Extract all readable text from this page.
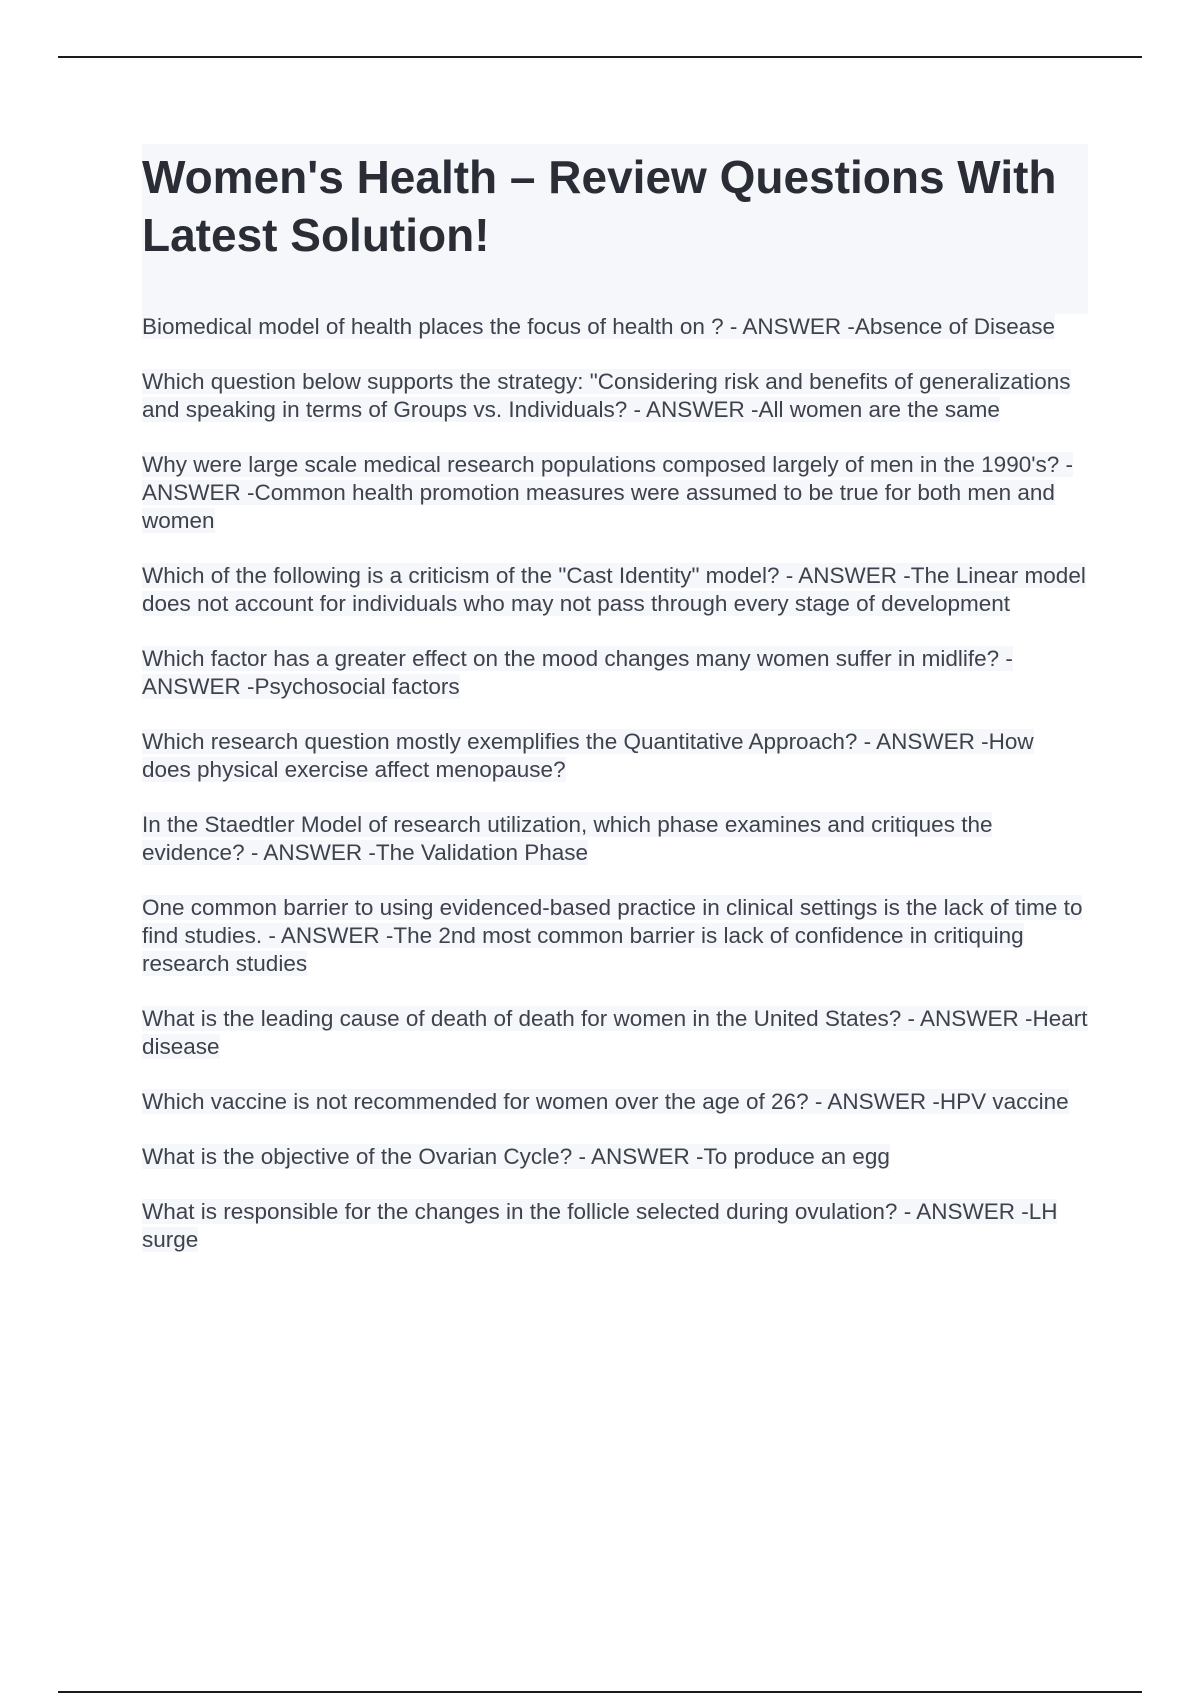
Women's Health – Review Questions With Latest Solution!

Biomedical model of health places the focus of health on ? - ANSWER -Absence of Disease

Which question below supports the strategy: "Considering risk and benefits of generalizations and speaking in terms of Groups vs. Individuals? - ANSWER -All women are the same

Why were large scale medical research populations composed largely of men in the 1990's? - ANSWER -Common health promotion measures were assumed to be true for both men and women

Which of the following is a criticism of the "Cast Identity" model? - ANSWER -The Linear model does not account for individuals who may not pass through every stage of development

Which factor has a greater effect on the mood changes many women suffer in midlife? - ANSWER -Psychosocial factors

Which research question mostly exemplifies the Quantitative Approach? - ANSWER -How does physical exercise affect menopause?

In the Staedtler Model of research utilization, which phase examines and critiques the evidence? - ANSWER -The Validation Phase

One common barrier to using evidenced-based practice in clinical settings is the lack of time to find studies. - ANSWER -The 2nd most common barrier is lack of confidence in critiquing research studies

What is the leading cause of death of death for women in the United States? - ANSWER -Heart disease

Which vaccine is not recommended for women over the age of 26? - ANSWER -HPV vaccine

What is the objective of the Ovarian Cycle? - ANSWER -To produce an egg

What is responsible for the changes in the follicle selected during ovulation? - ANSWER -LH surge
